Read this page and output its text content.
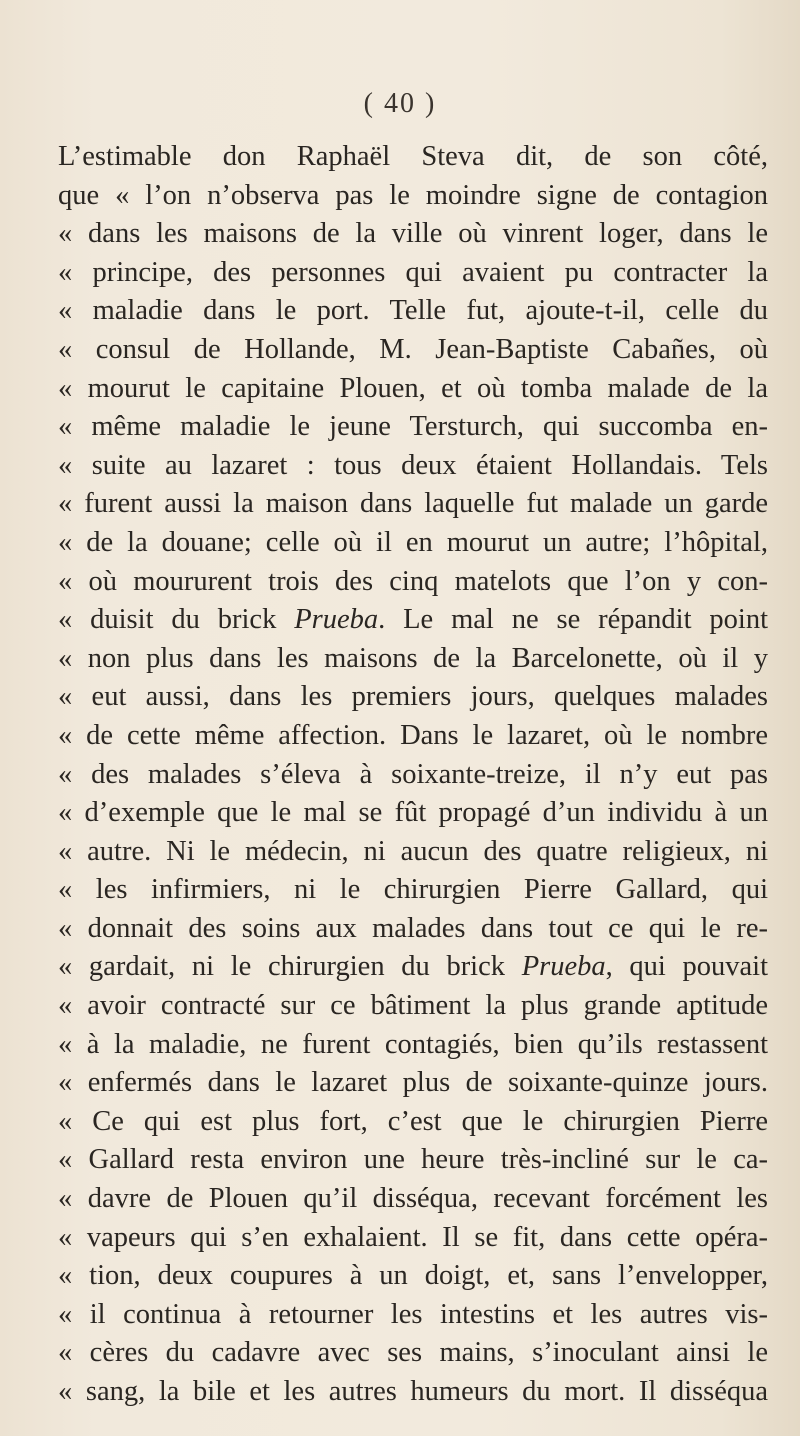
( 40 )
L’estimable don Raphaël Steva dit, de son côté,
que « l’on n’observa pas le moindre signe de contagion
« dans les maisons de la ville où vinrent loger, dans le
« principe, des personnes qui avaient pu contracter la
« maladie dans le port. Telle fut, ajoute-t-il, celle du
« consul de Hollande, M. Jean-Baptiste Cabañes, où
« mourut le capitaine Plouen, et où tomba malade de la
« même maladie le jeune Tersturch, qui succomba en-
« suite au lazaret : tous deux étaient Hollandais. Tels
« furent aussi la maison dans laquelle fut malade un garde
« de la douane; celle où il en mourut un autre; l’hôpital,
« où moururent trois des cinq matelots que l’on y con-
« duisit du brick Prueba. Le mal ne se répandit point
« non plus dans les maisons de la Barcelonette, où il y
« eut aussi, dans les premiers jours, quelques malades
« de cette même affection. Dans le lazaret, où le nombre
« des malades s’éleva à soixante-treize, il n’y eut pas
« d’exemple que le mal se fût propagé d’un individu à un
« autre. Ni le médecin, ni aucun des quatre religieux, ni
« les infirmiers, ni le chirurgien Pierre Gallard, qui
« donnait des soins aux malades dans tout ce qui le re-
« gardait, ni le chirurgien du brick Prueba, qui pouvait
« avoir contracté sur ce bâtiment la plus grande aptitude
« à la maladie, ne furent contagiés, bien qu’ils restassent
« enfermés dans le lazaret plus de soixante-quinze jours.
« Ce qui est plus fort, c’est que le chirurgien Pierre
« Gallard resta environ une heure très-incliné sur le ca-
« davre de Plouen qu’il disséqua, recevant forcément les
« vapeurs qui s’en exhalaient. Il se fit, dans cette opéra-
« tion, deux coupures à un doigt, et, sans l’envelopper,
« il continua à retourner les intestins et les autres vis-
« cères du cadavre avec ses mains, s’inoculant ainsi le
« sang, la bile et les autres humeurs du mort. Il disséqua
